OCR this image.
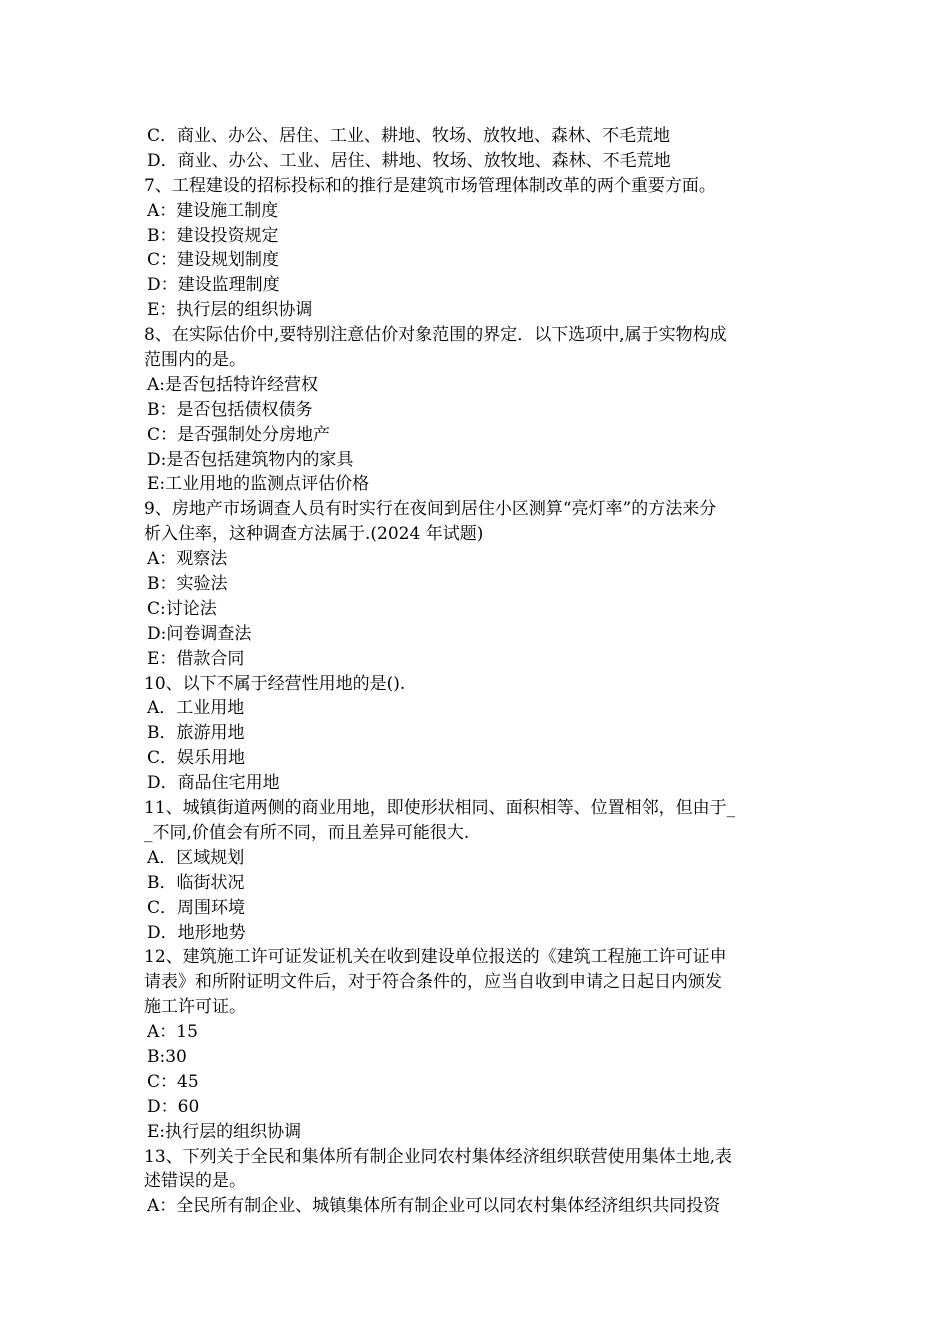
C．商业、办公、居住、工业、耕地、牧场、放牧地、森林、不毛荒地
D．商业、办公、工业、居住、耕地、牧场、放牧地、森林、不毛荒地
7、工程建设的招标投标和的推行是建筑市场管理体制改革的两个重要方面。
A：建设施工制度
B：建设投资规定
C：建设规划制度
D：建设监理制度
E：执行层的组织协调
8、在实际估价中,要特别注意估价对象范围的界定．以下选项中,属于实物构成
范围内的是。
A:是否包括特许经营权
B：是否包括债权债务
C：是否强制处分房地产
D:是否包括建筑物内的家具
E:工业用地的监测点评估价格
9、房地产市场调查人员有时实行在夜间到居住小区测算“亮灯率”的方法来分
析入住率，这种调查方法属于.(2024 年试题)
A：观察法
B：实验法
C:讨论法
D:问卷调查法
E：借款合同
10、以下不属于经营性用地的是().
A．工业用地
B．旅游用地
C．娱乐用地
D．商品住宅用地
11、城镇街道两侧的商业用地，即使形状相同、面积相等、位置相邻，但由于_
_不同,价值会有所不同，而且差异可能很大.
A．区域规划
B．临街状况
C．周围环境
D．地形地势
12、建筑施工许可证发证机关在收到建设单位报送的《建筑工程施工许可证申
请表》和所附证明文件后，对于符合条件的，应当自收到申请之日起日内颁发
施工许可证。
A：15
B:30
C：45
D：60
E:执行层的组织协调
13、下列关于全民和集体所有制企业同农村集体经济组织联营使用集体土地,表
述错误的是。
A：全民所有制企业、城镇集体所有制企业可以同农村集体经济组织共同投资
